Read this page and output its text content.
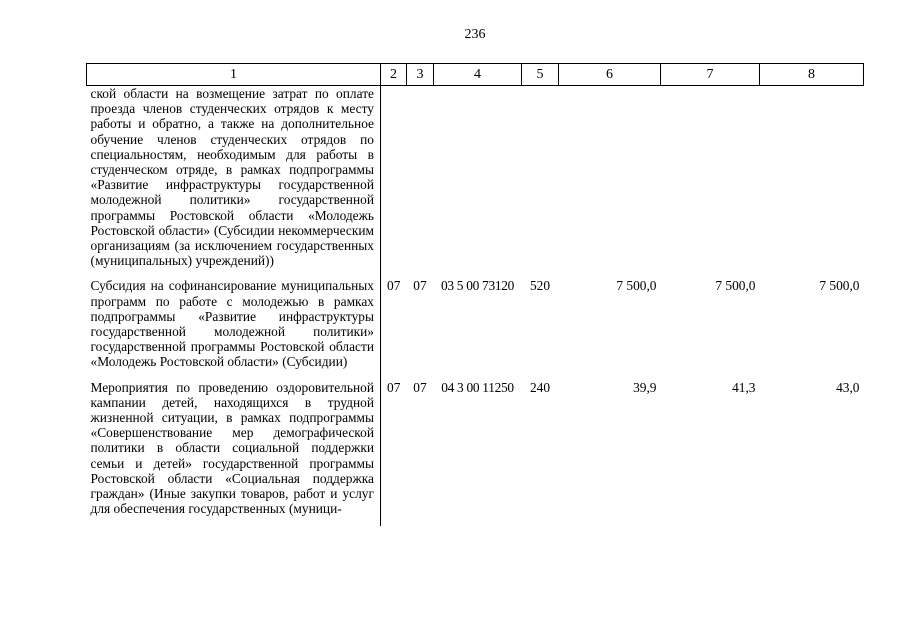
236
1	2	3	4	5	6	7	8
ской области на возмещение затрат по оплате проезда членов студенческих отрядов к месту работы и обратно, а также на дополнительное обучение членов студенческих отрядов по специальностям, необходимым для работы в студенческом отряде, в рамках подпрограммы «Развитие инфраструктуры государственной молодежной политики» государственной программы Ростовской области «Молодежь Ростовской области» (Субсидии некоммерческим организациям (за исключением государственных (муниципальных) учреждений))							
Субсидия на софинансирование муниципальных программ по работе с молодежью в рамках подпрограммы «Развитие инфраструктуры государственной молодежной политики» государственной программы Ростовской области «Молодежь Ростовской области» (Субсидии)	07	07	03 5 00 73120	520	7 500,0	7 500,0	7 500,0
Мероприятия по проведению оздоровительной кампании детей, находящихся в трудной жизненной ситуации, в рамках подпрограммы «Совершенствование мер демографической политики в области социальной поддержки семьи и детей» государственной программы Ростовской области «Социальная поддержка граждан» (Иные закупки товаров, работ и услуг для обеспечения государственных (муници-	07	07	04 3 00 11250	240	39,9	41,3	43,0
